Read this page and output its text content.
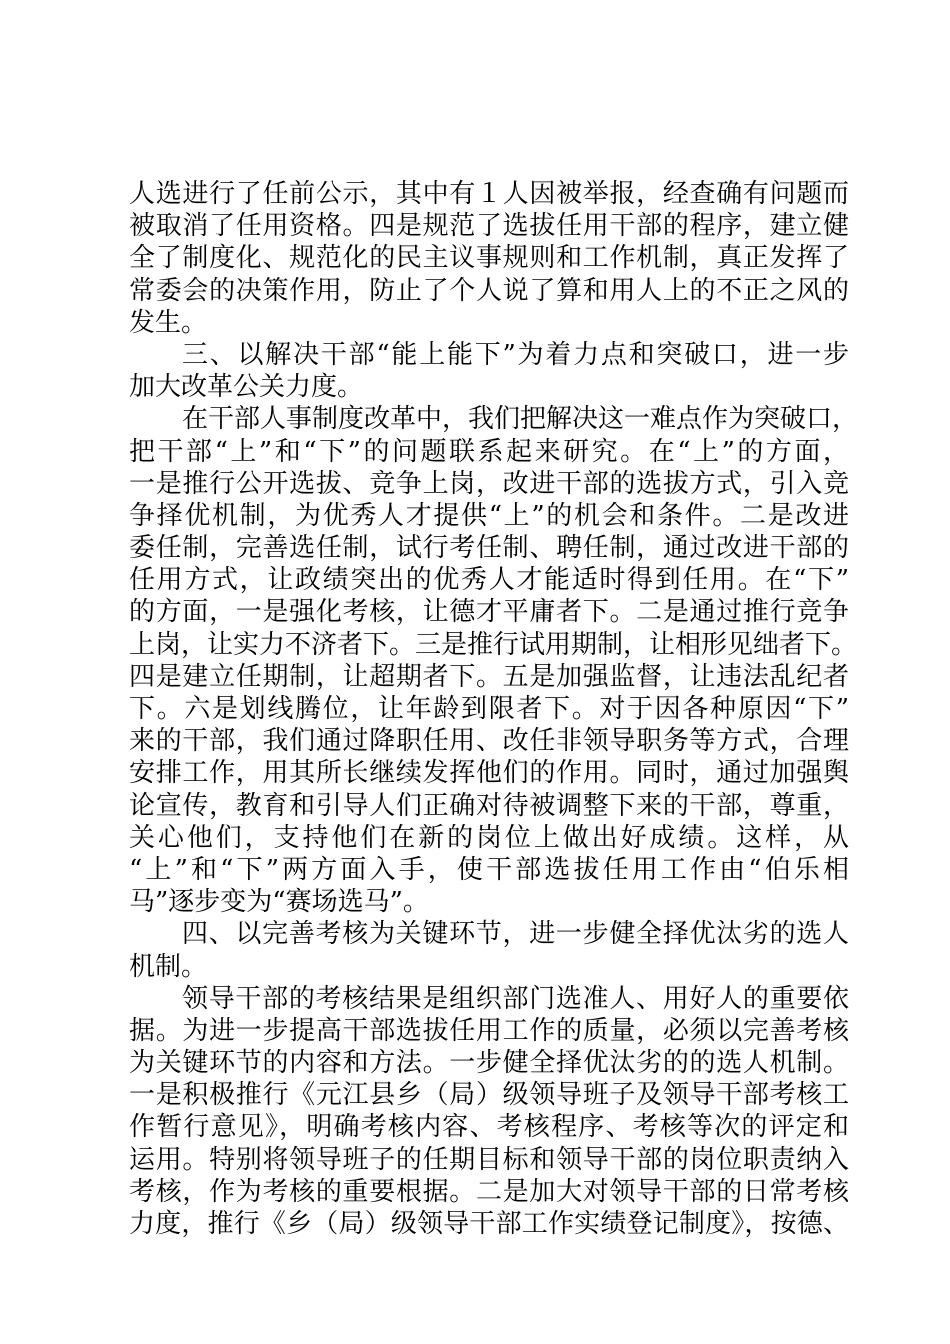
人选进行了任前公示，其中有１人因被举报，经查确有问题而
被取消了任用资格。四是规范了选拔任用干部的程序，建立健
全了制度化、规范化的民主议事规则和工作机制，真正发挥了
常委会的决策作用，防止了个人说了算和用人上的不正之风的
发生。
三、以解决干部“能上能下”为着力点和突破口，进一步
加大改革公关力度。
在干部人事制度改革中，我们把解决这一难点作为突破口，
把干部“上”和“下”的问题联系起来研究。在“上”的方面，
一是推行公开选拔、竞争上岗，改进干部的选拔方式，引入竞
争择优机制，为优秀人才提供“上”的机会和条件。二是改进
委任制，完善选任制，试行考任制、聘任制，通过改进干部的
任用方式，让政绩突出的优秀人才能适时得到任用。在“下”
的方面，一是强化考核，让德才平庸者下。二是通过推行竞争
上岗，让实力不济者下。三是推行试用期制，让相形见绌者下。
四是建立任期制，让超期者下。五是加强监督，让违法乱纪者
下。六是划线腾位，让年龄到限者下。对于因各种原因“下”
来的干部，我们通过降职任用、改任非领导职务等方式，合理
安排工作，用其所长继续发挥他们的作用。同时，通过加强舆
论宣传，教育和引导人们正确对待被调整下来的干部，尊重，
关心他们，支持他们在新的岗位上做出好成绩。这样，从
“上”和“下”两方面入手，使干部选拔任用工作由“伯乐相
马”逐步变为“赛场选马”。
四、以完善考核为关键环节，进一步健全择优汰劣的选人
机制。
领导干部的考核结果是组织部门选准人、用好人的重要依
据。为进一步提高干部选拔任用工作的质量，必须以完善考核
为关键环节的内容和方法。一步健全择优汰劣的的选人机制。
一是积极推行《元江县乡（局）级领导班子及领导干部考核工
作暂行意见》，明确考核内容、考核程序、考核等次的评定和
运用。特别将领导班子的任期目标和领导干部的岗位职责纳入
考核，作为考核的重要根据。二是加大对领导干部的日常考核
力度，推行《乡（局）级领导干部工作实绩登记制度》，按德、
